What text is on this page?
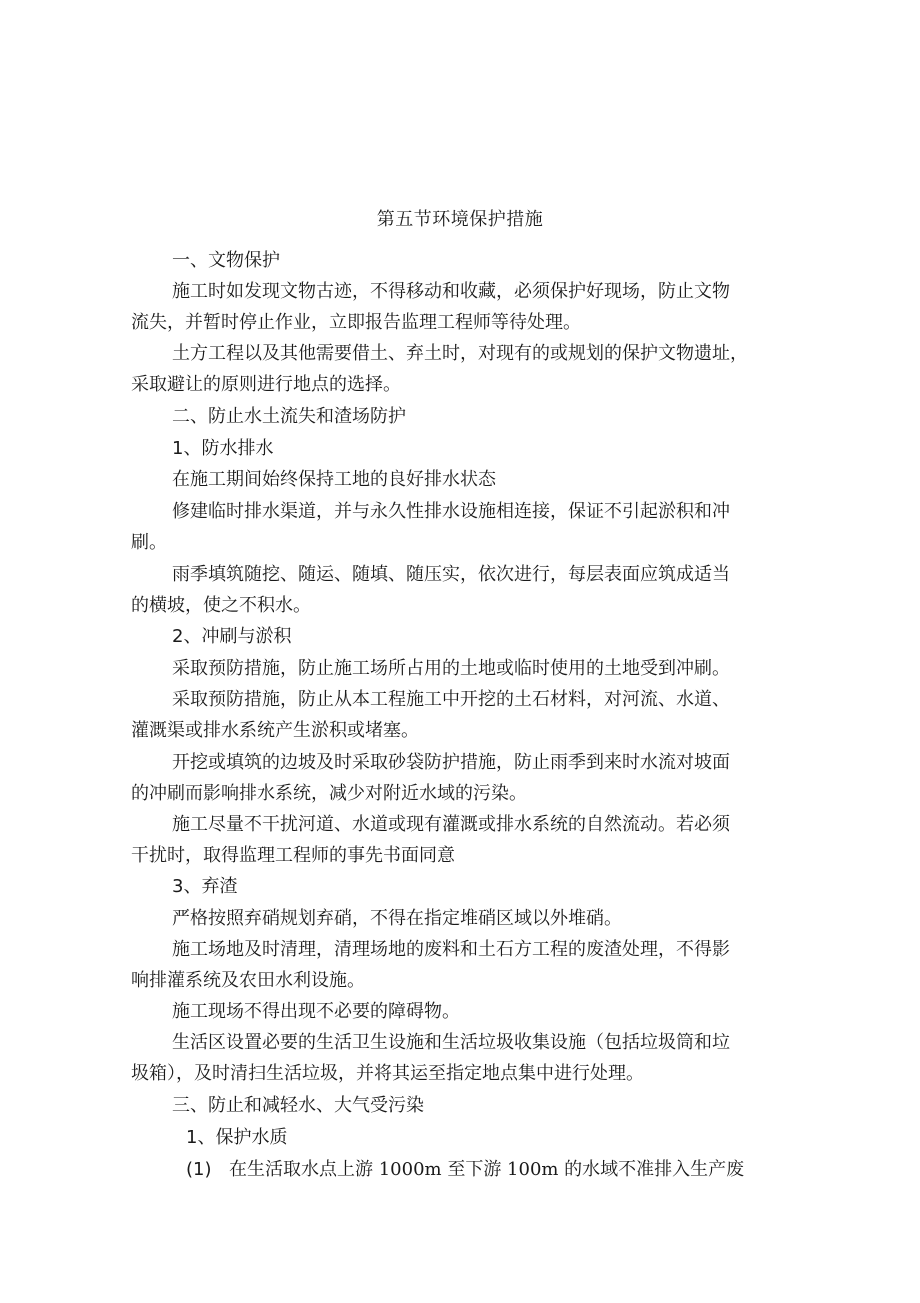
第五节环境保护措施
一、文物保护
施工时如发现文物古迹，不得移动和收藏，必须保护好现场，防止文物
流失，并暂时停止作业，立即报告监理工程师等待处理。
土方工程以及其他需要借土、弃土时，对现有的或规划的保护文物遗址，
采取避让的原则进行地点的选择。
二、防止水土流失和渣场防护
1、防水排水
在施工期间始终保持工地的良好排水状态
修建临时排水渠道，并与永久性排水设施相连接，保证不引起淤积和冲
刷。
雨季填筑随挖、随运、随填、随压实，依次进行，每层表面应筑成适当
的横坡，使之不积水。
2、冲刷与淤积
采取预防措施，防止施工场所占用的土地或临时使用的土地受到冲刷。
采取预防措施，防止从本工程施工中开挖的土石材料，对河流、水道、
灌溉渠或排水系统产生淤积或堵塞。
开挖或填筑的边坡及时采取砂袋防护措施，防止雨季到来时水流对坡面
的冲刷而影响排水系统，减少对附近水域的污染。
施工尽量不干扰河道、水道或现有灌溉或排水系统的自然流动。若必须
干扰时，取得监理工程师的事先书面同意
3、弃渣
严格按照弃硝规划弃硝，不得在指定堆硝区域以外堆硝。
施工场地及时清理，清理场地的废料和土石方工程的废渣处理，不得影
响排灌系统及农田水利设施。
施工现场不得出现不必要的障碍物。
生活区设置必要的生活卫生设施和生活垃圾收集设施（包括垃圾筒和垃
圾箱），及时清扫生活垃圾，并将其运至指定地点集中进行处理。
三、防止和减轻水、大气受污染
1、保护水质
(1) 在生活取水点上游 1000m 至下游 100m 的水域不准排入生产废
